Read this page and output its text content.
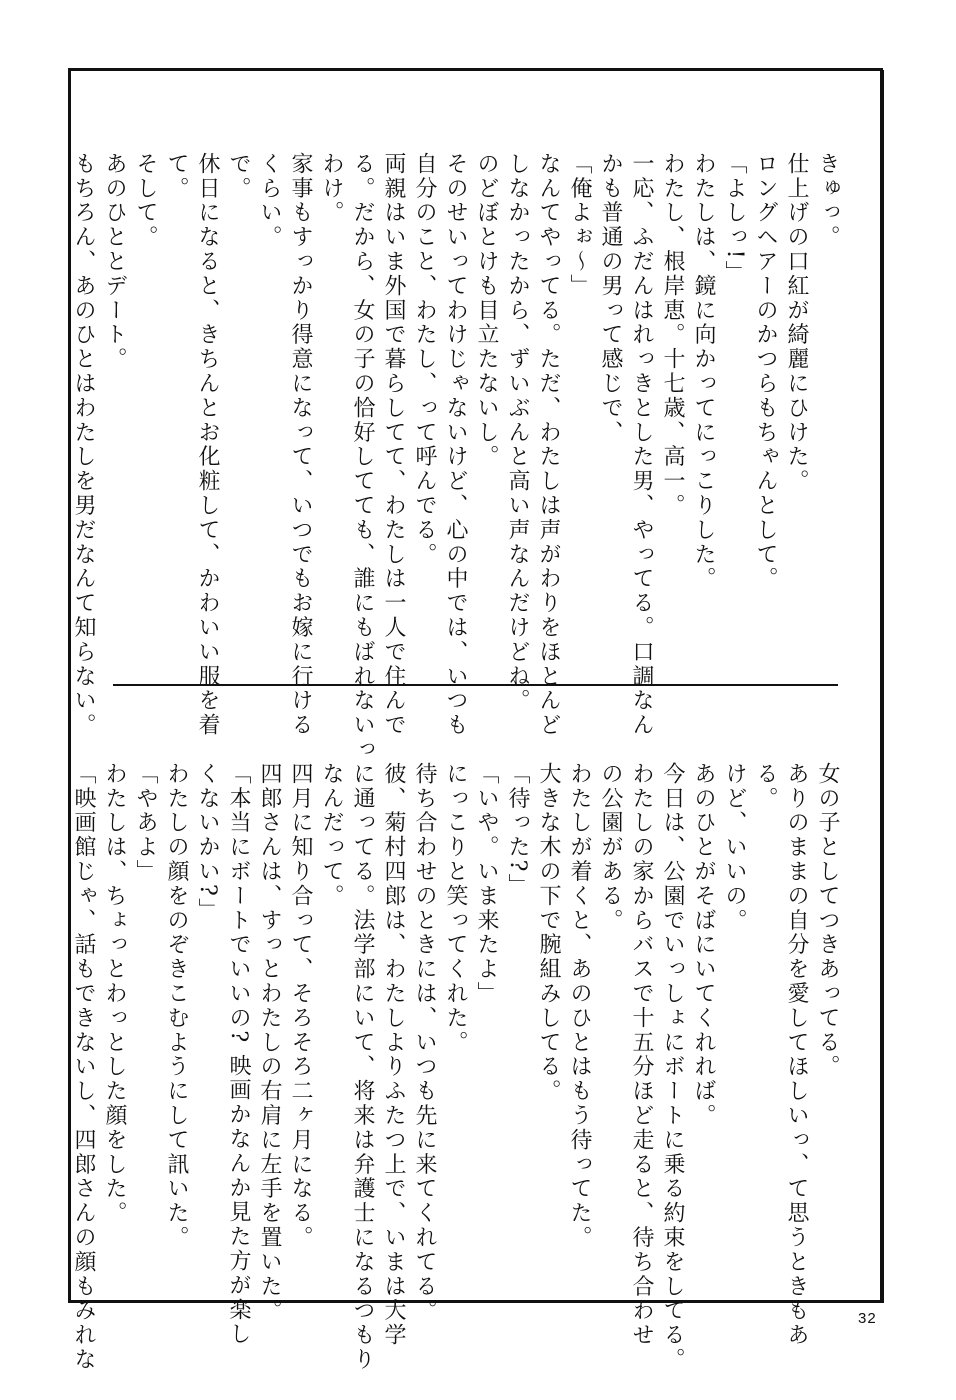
きゅっ。
仕上げの口紅が綺麗にひけた。
ロングヘアーのかつらもちゃんとして。
「よしっ!」
わたしは、鏡に向かってにっこりした。
わたし、根岸恵。十七歳、高一。
一応、ふだんはれっきとした男、やってる。口調なん
かも普通の男って感じで、
「俺よぉ～」
なんてやってる。ただ、わたしは声がわりをほとんど
しなかったから、ずいぶんと高い声なんだけどね。
のどぼとけも目立たないし。
そのせいってわけじゃないけど、心の中では、いつも
自分のこと、わたし、って呼んでる。
両親はいま外国で暮らしてて、わたしは一人で住んで
る。だから、女の子の恰好してても、誰にもばれないっ
わけ。
家事もすっかり得意になって、いつでもお嫁に行ける
くらい。
で。
休日になると、きちんとお化粧して、かわいい服を着
て。
そして。
あのひととデート。
もちろん、あのひとはわたしを男だなんて知らない。
女の子としてつきあってる。
ありのままの自分を愛してほしいっ、て思うときもあ
る。
けど、いいの。
あのひとがそばにいてくれれば。
今日は、公園でいっしょにボートに乗る約束をしてる。
わたしの家からバスで十五分ほど走ると、待ち合わせ
の公園がある。
わたしが着くと、あのひとはもう待ってた。
大きな木の下で腕組みしてる。
「待った?」
「いや。いま来たよ」
にっこりと笑ってくれた。
待ち合わせのときには、いつも先に来てくれてる。
彼、菊村四郎は、わたしよりふたつ上で、いまは大学
に通ってる。法学部にいて、将来は弁護士になるつもり
なんだって。
四月に知り合って、そろそろ二ヶ月になる。
四郎さんは、すっとわたしの右肩に左手を置いた。
「本当にボートでいいの? 映画かなんか見た方が楽し
くないかい?」
わたしの顔をのぞきこむようにして訊いた。
「やあよ」
わたしは、ちょっとわっとした顔をした。
「映画館じゃ、話もできないし、四郎さんの顔もみれな	32
